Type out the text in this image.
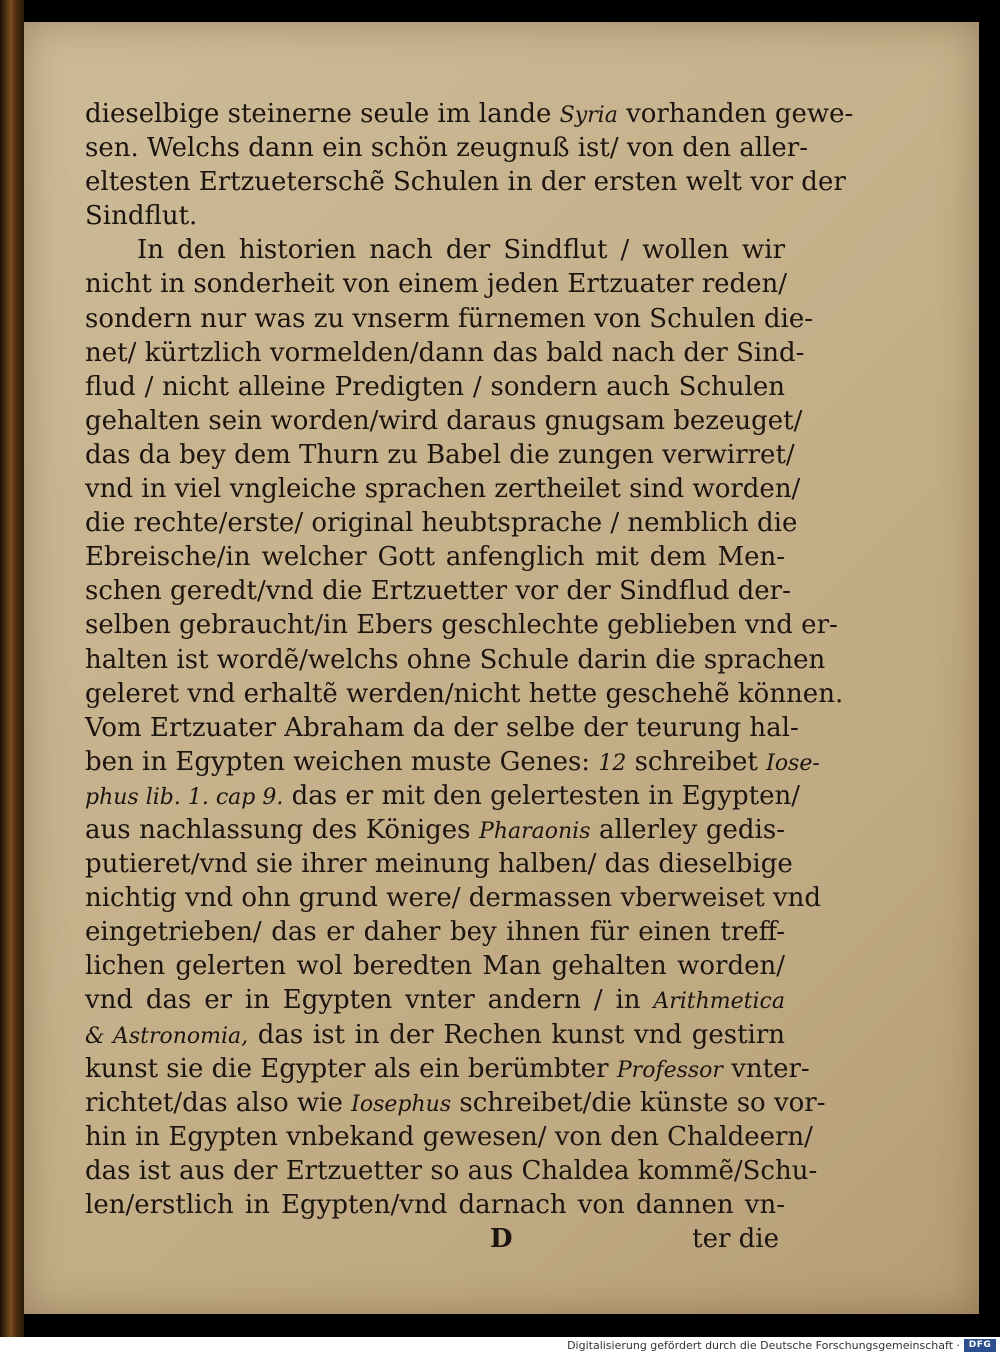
dieselbige steinerne seule im lande Syria vorhanden gewe-
sen. Welchs dann ein schön zeugnuß ist/ von den aller-
eltesten Ertzueterschẽ Schulen in der ersten welt vor der
Sindflut.
In den historien nach der Sindflut / wollen wir
nicht in sonderheit von einem jeden Ertzuater reden/
sondern nur was zu vnserm fürnemen von Schulen die-
net/ kürtzlich vormelden/dann das bald nach der Sind-
flud / nicht alleine Predigten / sondern auch Schulen
gehalten sein worden/wird daraus gnugsam bezeuget/
das da bey dem Thurn zu Babel die zungen verwirret/
vnd in viel vngleiche sprachen zertheilet sind worden/
die rechte/erste/ original heubtsprache / nemblich die
Ebreische/in welcher Gott anfenglich mit dem Men-
schen geredt/vnd die Ertzuetter vor der Sindflud der-
selben gebraucht/in Ebers geschlechte geblieben vnd er-
halten ist wordẽ/welchs ohne Schule darin die sprachen
geleret vnd erhaltẽ werden/nicht hette geschehẽ können.
Vom Ertzuater Abraham da der selbe der teurung hal-
ben in Egypten weichen muste Genes: 12 schreibet Iose-
phus lib. 1. cap 9. das er mit den gelertesten in Egypten/
aus nachlassung des Königes Pharaonis allerley gedis-
putieret/vnd sie ihrer meinung halben/ das dieselbige
nichtig vnd ohn grund were/ dermassen vberweiset vnd
eingetrieben/ das er daher bey ihnen für einen treff-
lichen gelerten wol beredten Man gehalten worden/
vnd das er in Egypten vnter andern / in Arithmetica
& Astronomia, das ist in der Rechen kunst vnd gestirn
kunst sie die Egypter als ein berümbter Professor vnter-
richtet/das also wie Iosephus schreibet/die künste so vor-
hin in Egypten vnbekand gewesen/ von den Chaldeern/
das ist aus der Ertzuetter so aus Chaldea kommẽ/Schu-
len/erstlich in Egypten/vnd darnach von dannen vn-
D	ter die
Digitalisierung gefördert durch die Deutsche Forschungsgemeinschaft · DFG
